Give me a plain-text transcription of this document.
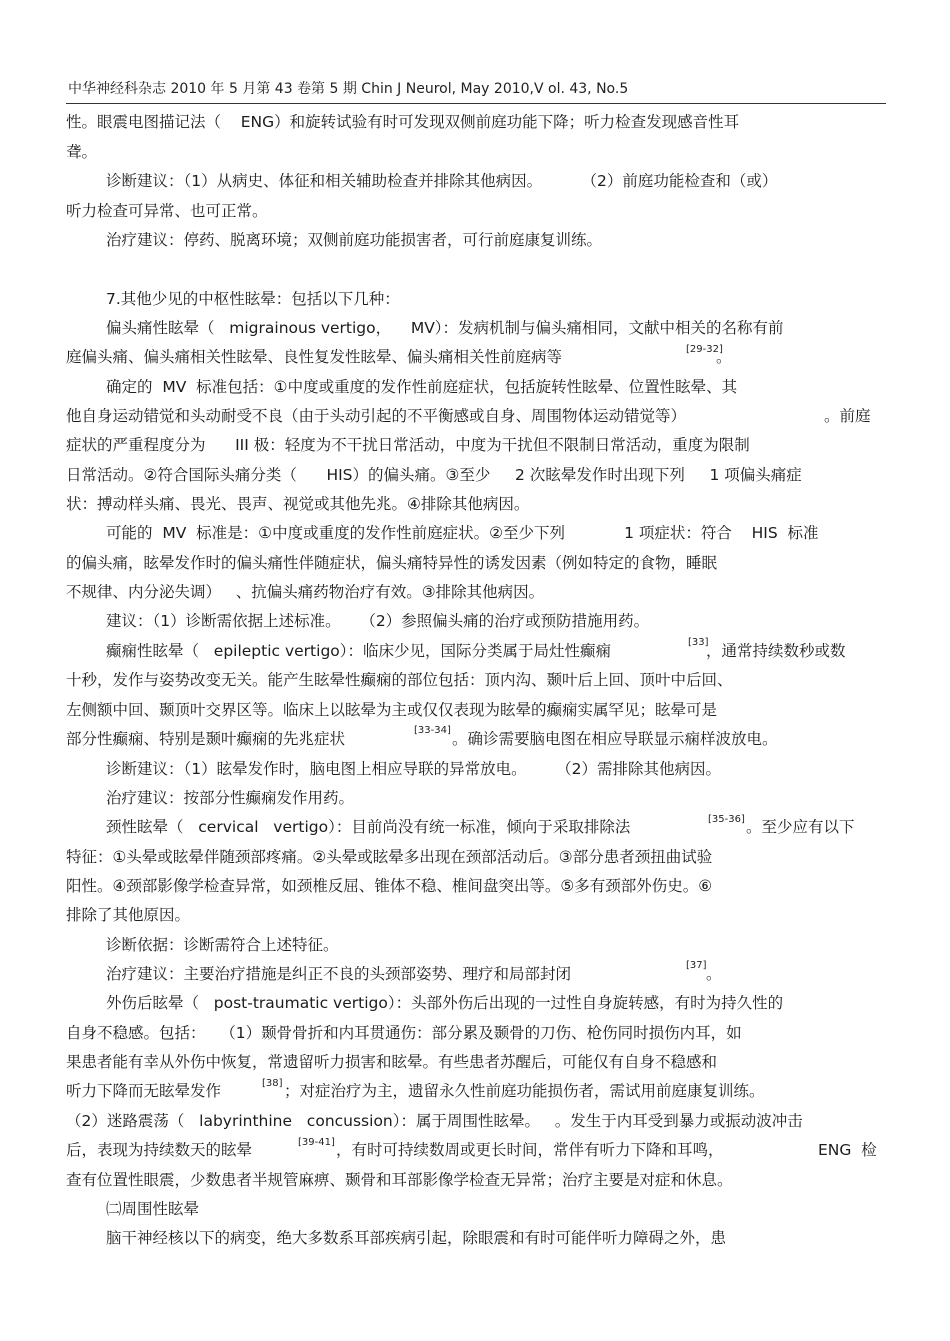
中华神经科杂志 2010 年 5 月第 43 卷第 5 期 Chin J Neurol, May 2010,V ol. 43, No.5
性。眼震电图描记法（    ENG）和旋转试验有时可发现双侧前庭功能下降；听力检查发现感音性耳
聋。
诊断建议：（1）从病史、体征和相关辅助检查并排除其他病因。        （2）前庭功能检查和（或）
听力检查可异常、也可正常。
治疗建议：停药、脱离环境；双侧前庭功能损害者，可行前庭康复训练。
7.其他少见的中枢性眩晕：包括以下几种：
偏头痛性眩晕（   migrainous vertigo，    MV）：发病机制与偏头痛相同，文献中相关的名称有前
庭偏头痛、偏头痛相关性眩晕、良性复发性眩晕、偏头痛相关性前庭病等	[29-32]
。
确定的  MV  标准包括：①中度或重度的发作性前庭症状，包括旋转性眩晕、位置性眩晕、其
他自身运动错觉和头动耐受不良（由于头动引起的不平衡感或自身、周围物体运动错觉等）	。前庭
症状的严重程度分为      III 极：轻度为不干扰日常活动，中度为干扰但不限制日常活动，重度为限制
日常活动。②符合国际头痛分类（      HIS）的偏头痛。③至少     2 次眩晕发作时出现下列     1 项偏头痛症
状：搏动样头痛、畏光、畏声、视觉或其他先兆。④排除其他病因。
可能的  MV  标准是：①中度或重度的发作性前庭症状。②至少下列            1 项症状：符合    HIS  标准
的偏头痛，眩晕发作时的偏头痛性伴随症状，偏头痛特异性的诱发因素（例如特定的食物，睡眠
不规律、内分泌失调）   、抗偏头痛药物治疗有效。③排除其他病因。
建议：（1）诊断需依据上述标准。    （2）参照偏头痛的治疗或预防措施用药。
癫痫性眩晕（   epileptic vertigo）：临床少见，国际分类属于局灶性癫痫	[33]
，通常持续数秒或数
十秒，发作与姿势改变无关。能产生眩晕性癫痫的部位包括：顶内沟、颞叶后上回、顶叶中后回、
左侧额中回、颞顶叶交界区等。临床上以眩晕为主或仅仅表现为眩晕的癫痫实属罕见；眩晕可是
部分性癫痫、特别是颞叶癫痫的先兆症状	[33-34] 。确诊需要脑电图在相应导联显示痫样波放电。
诊断建议：（1）眩晕发作时，脑电图上相应导联的异常放电。      （2）需排除其他病因。
治疗建议：按部分性癫痫发作用药。
颈性眩晕（   cervical   vertigo）：目前尚没有统一标准，倾向于采取排除法	[35-36] 。至少应有以下
特征：①头晕或眩晕伴随颈部疼痛。②头晕或眩晕多出现在颈部活动后。③部分患者颈扭曲试验
阳性。④颈部影像学检查异常，如颈椎反屈、锥体不稳、椎间盘突出等。⑤多有颈部外伤史。⑥
排除了其他原因。
诊断依据：诊断需符合上述特征。
治疗建议：主要治疗措施是纠正不良的头颈部姿势、理疗和局部封闭	[37] 。
外伤后眩晕（   post-traumatic vertigo）：头部外伤后出现的一过性自身旋转感，有时为持久性的
自身不稳感。包括：   （1）颞骨骨折和内耳贯通伤：部分累及颞骨的刀伤、枪伤同时损伤内耳，如
果患者能有幸从外伤中恢复，常遗留听力损害和眩晕。有些患者苏醒后，可能仅有自身不稳感和
听力下降而无眩晕发作	[38] ；对症治疗为主，遗留永久性前庭功能损伤者，需试用前庭康复训练。
（2）迷路震荡（   labyrinthine   concussion）：属于周围性眩晕。   。发生于内耳受到暴力或振动波冲击
后，表现为持续数天的眩晕	[39-41] ，有时可持续数周或更长时间，常伴有听力下降和耳鸣，	ENG  检
查有位置性眼震，少数患者半规管麻痹、颞骨和耳部影像学检查无异常；治疗主要是对症和休息。
㈡周围性眩晕
脑干神经核以下的病变，绝大多数系耳部疾病引起，除眼震和有时可能伴听力障碍之外，患
